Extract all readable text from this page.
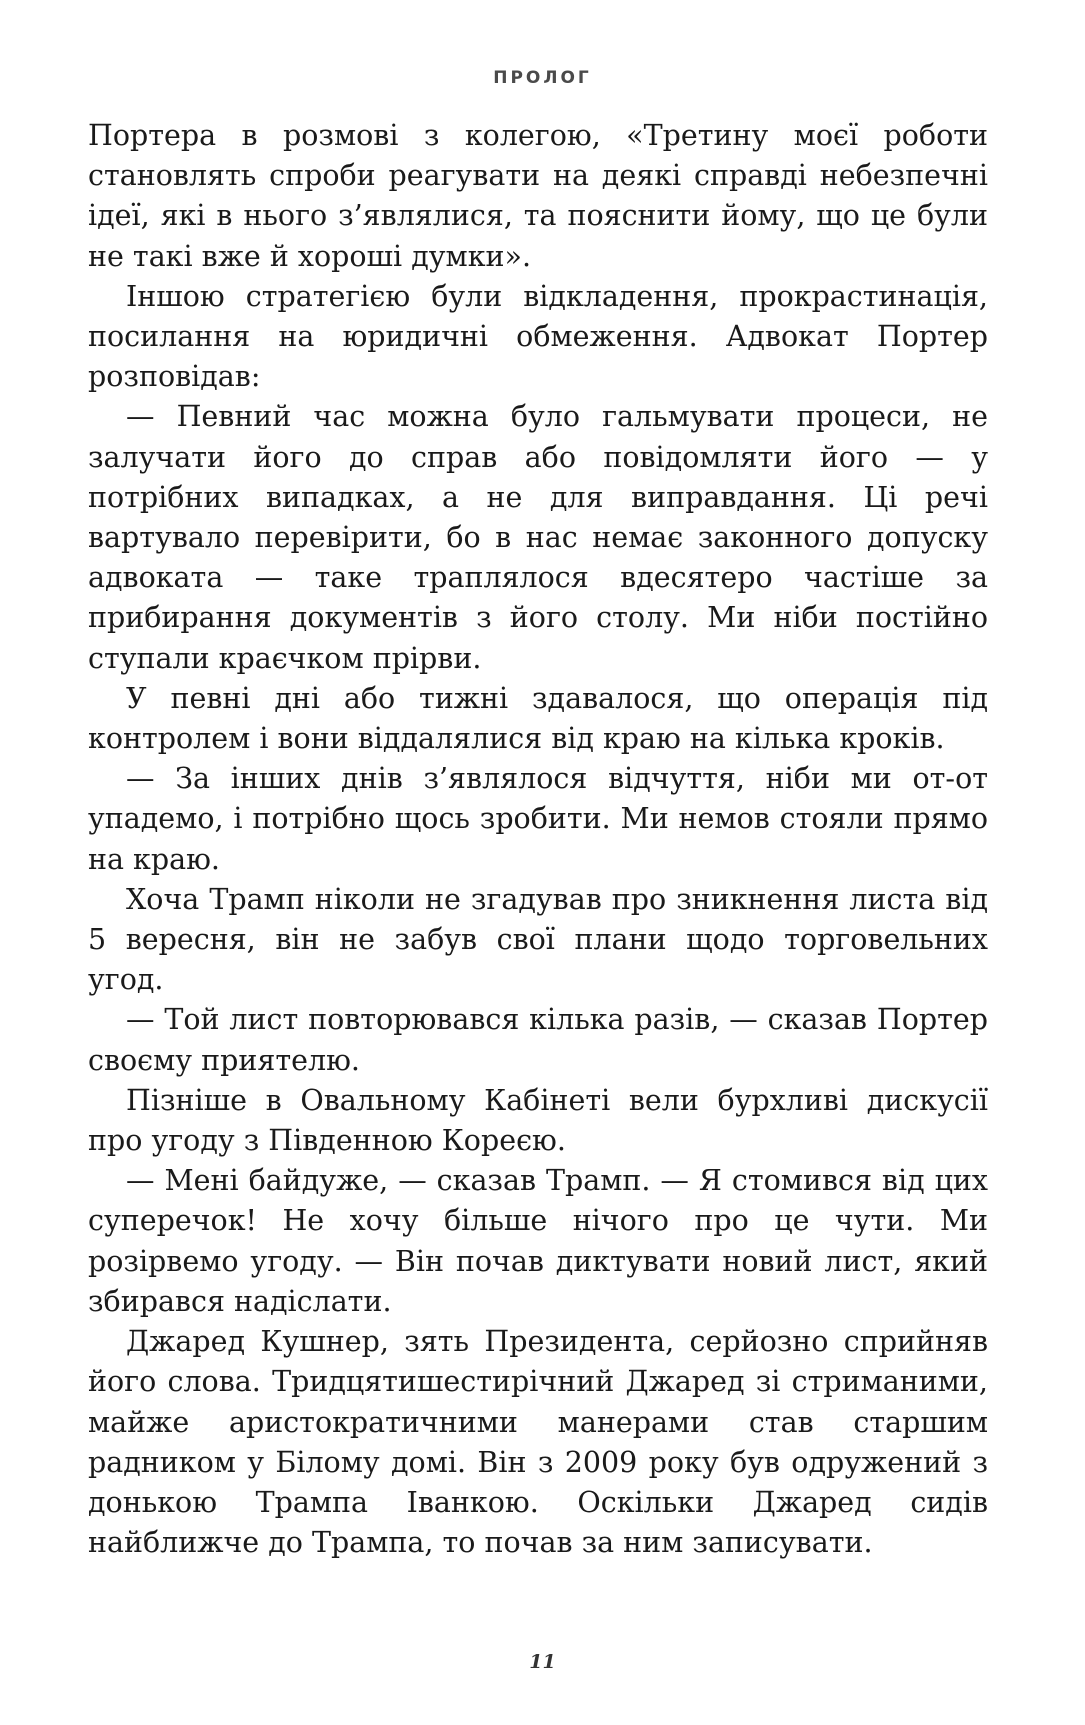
ПРОЛОГ

Портера в розмові з колегою, «Третину моєї роботи становлять спроби реагувати на деякі справді небезпечні ідеї, які в нього з’являлися, та пояснити йому, що це були не такі вже й хороші думки».

Іншою стратегією були відкладення, прокрастинація, посилання на юридичні обмеження. Адвокат Портер розповідав:

— Певний час можна було гальмувати процеси, не залучати його до справ або повідомляти його — у потрібних випадках, а не для виправдання. Ці речі вартувало перевірити, бо в нас немає законного допуску адвоката — таке траплялося вдесятеро частіше за прибирання документів з його столу. Ми ніби постійно ступали краєчком прірви.

У певні дні або тижні здавалося, що операція під контролем і вони віддалялися від краю на кілька кроків.

— За інших днів з’являлося відчуття, ніби ми от-от упадемо, і потрібно щось зробити. Ми немов стояли прямо на краю.

Хоча Трамп ніколи не згадував про зникнення листа від 5 вересня, він не забув свої плани щодо торговельних угод.

— Той лист повторювався кілька разів, — сказав Портер своєму приятелю.

Пізніше в Овальному Кабінеті вели бурхливі дискусії про угоду з Південною Кореєю.

— Мені байдуже, — сказав Трамп. — Я стомився від цих суперечок! Не хочу більше нічого про це чути. Ми розірвемо угоду. — Він почав диктувати новий лист, який збирався надіслати.

Джаред Кушнер, зять Президента, серйозно сприйняв його слова. Тридцятишестирічний Джаред зі стриманими, майже аристократичними манерами став старшим радником у Білому домі. Він з 2009 року був одружений з донькою Трампа Іванкою. Оскільки Джаред сидів найближче до Трампа, то почав за ним записувати.

11
